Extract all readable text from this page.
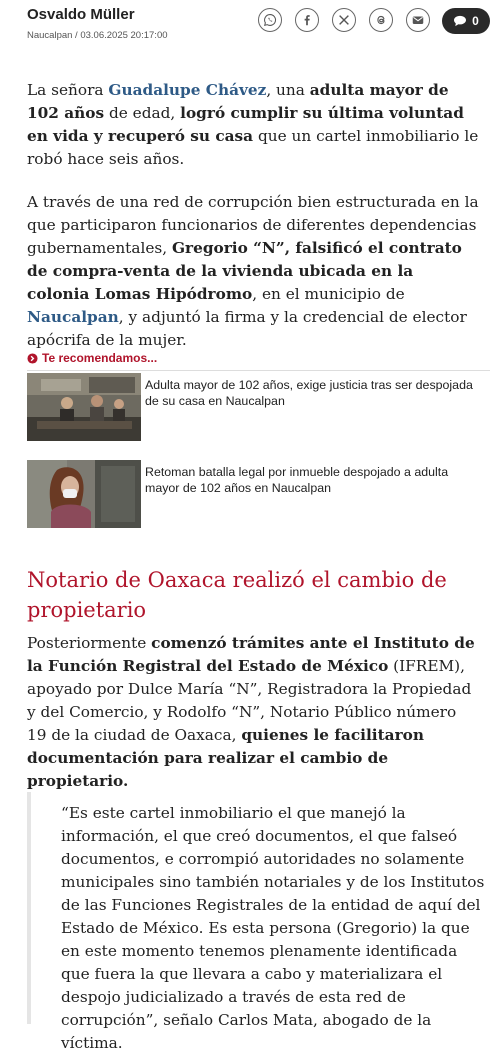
Osvaldo Müller
Naucalpan / 03.06.2025 20:17:00
0

La señora Guadalupe Chávez, una adulta mayor de 102 años de edad, logró cumplir su última voluntad en vida y recuperó su casa que un cartel inmobiliario le robó hace seis años.

A través de una red de corrupción bien estructurada en la que participaron funcionarios de diferentes dependencias gubernamentales, Gregorio “N”, falsificó el contrato de compra-venta de la vivienda ubicada en la colonia Lomas Hipódromo, en el municipio de Naucalpan, y adjuntó la firma y la credencial de elector apócrifa de la mujer.

Te recomendamos...
Adulta mayor de 102 años, exige justicia tras ser despojada de su casa en Naucalpan
Retoman batalla legal por inmueble despojado a adulta mayor de 102 años en Naucalpan
Notario de Oaxaca realizó el cambio de propietario

Posteriormente comenzó trámites ante el Instituto de la Función Registral del Estado de México (IFREM), apoyado por Dulce María “N”, Registradora la Propiedad y del Comercio, y Rodolfo “N”, Notario Público número 19 de la ciudad de Oaxaca, quienes le facilitaron documentación para realizar el cambio de propietario.

“Es este cartel inmobiliario el que manejó la información, el que creó documentos, el que falseó documentos, e corrompió autoridades no solamente municipales sino también notariales y de los Institutos de las Funciones Registrales de la entidad de aquí del Estado de México. Es esta persona (Gregorio) la que en este momento tenemos plenamente identificada que fuera la que llevara a cabo y materializara el despojo judicializado a través de esta red de corrupción”, señalo Carlos Mata, abogado de la víctima.
